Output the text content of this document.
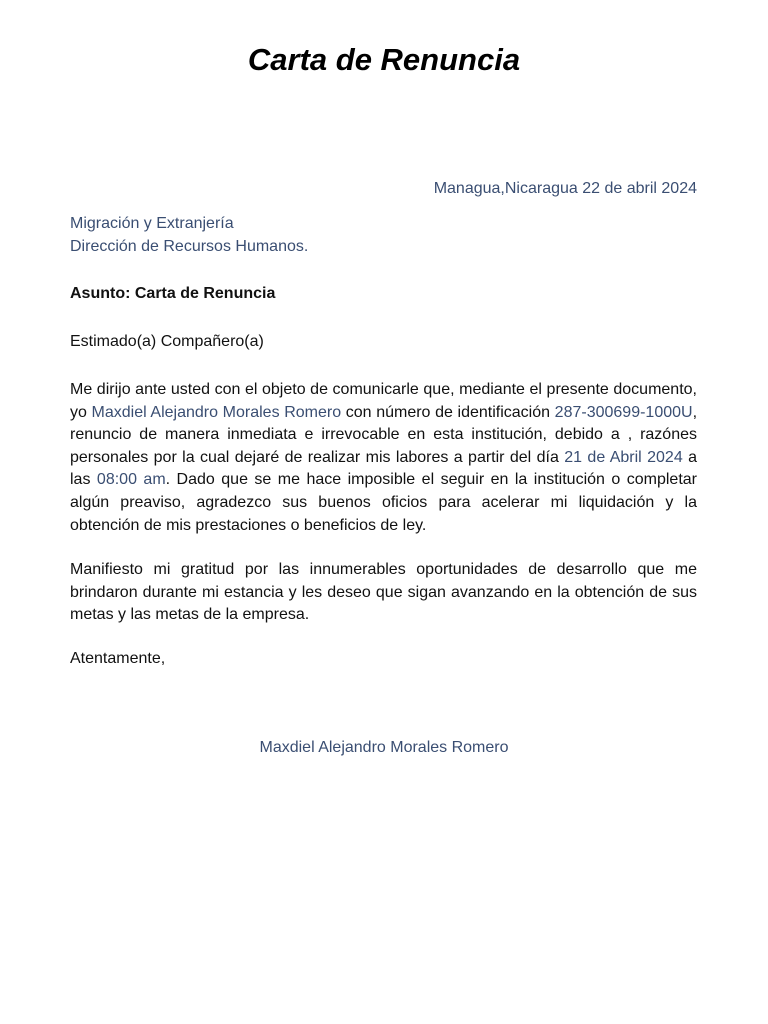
Carta de Renuncia
Managua,Nicaragua 22 de abril 2024
Migración y Extranjería
Dirección de Recursos Humanos.
Asunto: Carta de Renuncia
Estimado(a) Compañero(a)
Me dirijo ante usted con el objeto de comunicarle que, mediante el presente documento, yo Maxdiel Alejandro Morales Romero con número de identificación 287-300699-1000U, renuncio de manera inmediata e irrevocable en esta institución, debido a , razónes personales por la cual dejaré de realizar mis labores a partir del día 21 de Abril 2024 a las 08:00 am. Dado que se me hace imposible el seguir en la institución o completar algún preaviso, agradezco sus buenos oficios para acelerar mi liquidación y la obtención de mis prestaciones o beneficios de ley.
Manifiesto mi gratitud por las innumerables oportunidades de desarrollo que me brindaron durante mi estancia y les deseo que sigan avanzando en la obtención de sus metas y las metas de la empresa.
Atentamente,
Maxdiel Alejandro Morales Romero
